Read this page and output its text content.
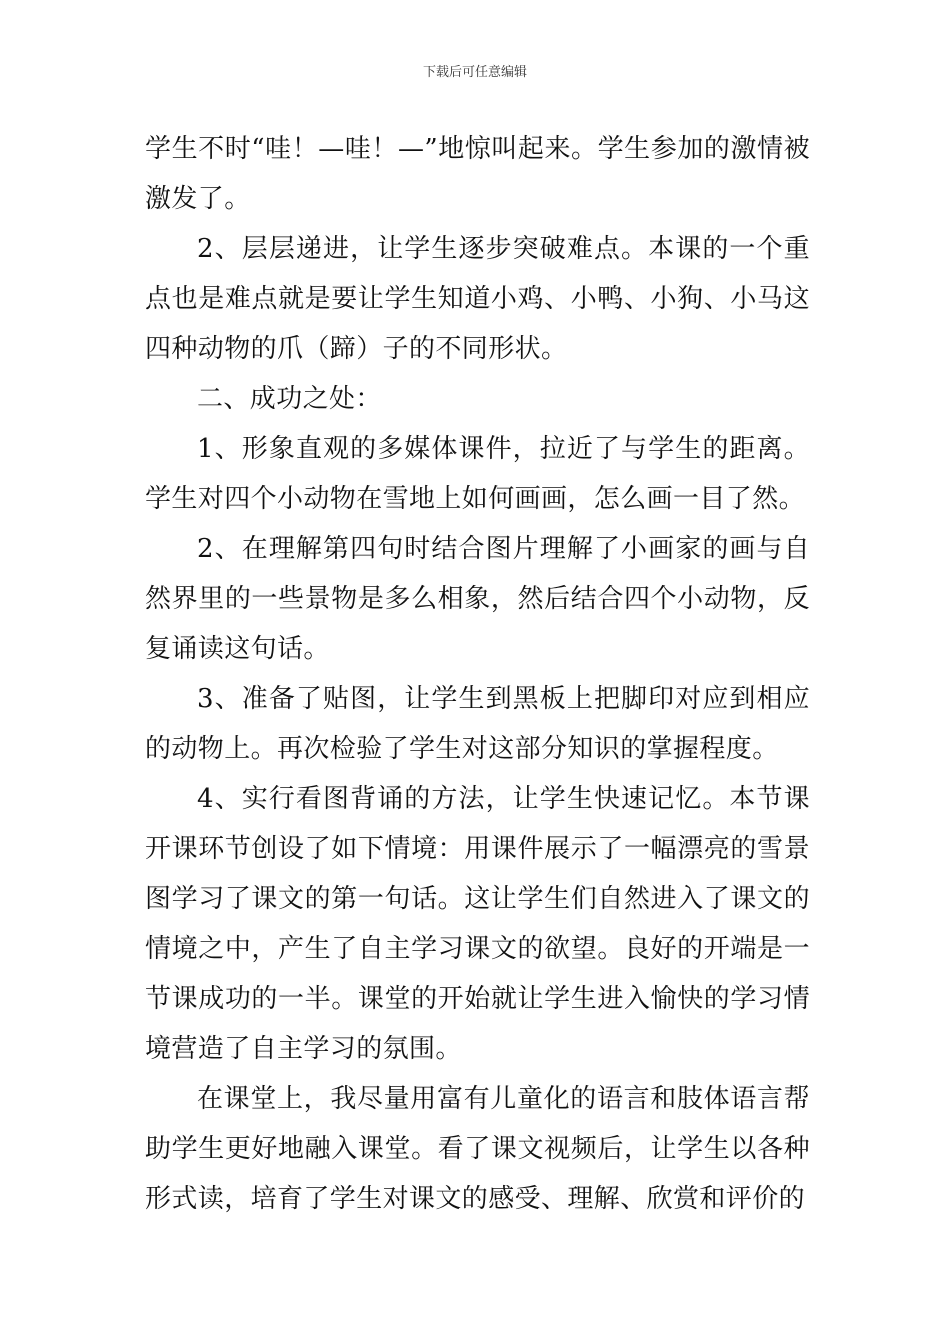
下载后可任意编辑

学生不时“哇！—哇！—”地惊叫起来。学生参加的激情被激发了。

2、层层递进，让学生逐步突破难点。本课的一个重点也是难点就是要让学生知道小鸡、小鸭、小狗、小马这四种动物的爪（蹄）子的不同形状。

二、成功之处：

1、形象直观的多媒体课件，拉近了与学生的距离。学生对四个小动物在雪地上如何画画，怎么画一目了然。

2、在理解第四句时结合图片理解了小画家的画与自然界里的一些景物是多么相象，然后结合四个小动物，反复诵读这句话。

3、准备了贴图，让学生到黑板上把脚印对应到相应的动物上。再次检验了学生对这部分知识的掌握程度。

4、实行看图背诵的方法，让学生快速记忆。本节课开课环节创设了如下情境：用课件展示了一幅漂亮的雪景图学习了课文的第一句话。这让学生们自然进入了课文的情境之中，产生了自主学习课文的欲望。良好的开端是一节课成功的一半。课堂的开始就让学生进入愉快的学习情境营造了自主学习的氛围。

在课堂上，我尽量用富有儿童化的语言和肢体语言帮助学生更好地融入课堂。看了课文视频后，让学生以各种形式读，培育了学生对课文的感受、理解、欣赏和评价的
